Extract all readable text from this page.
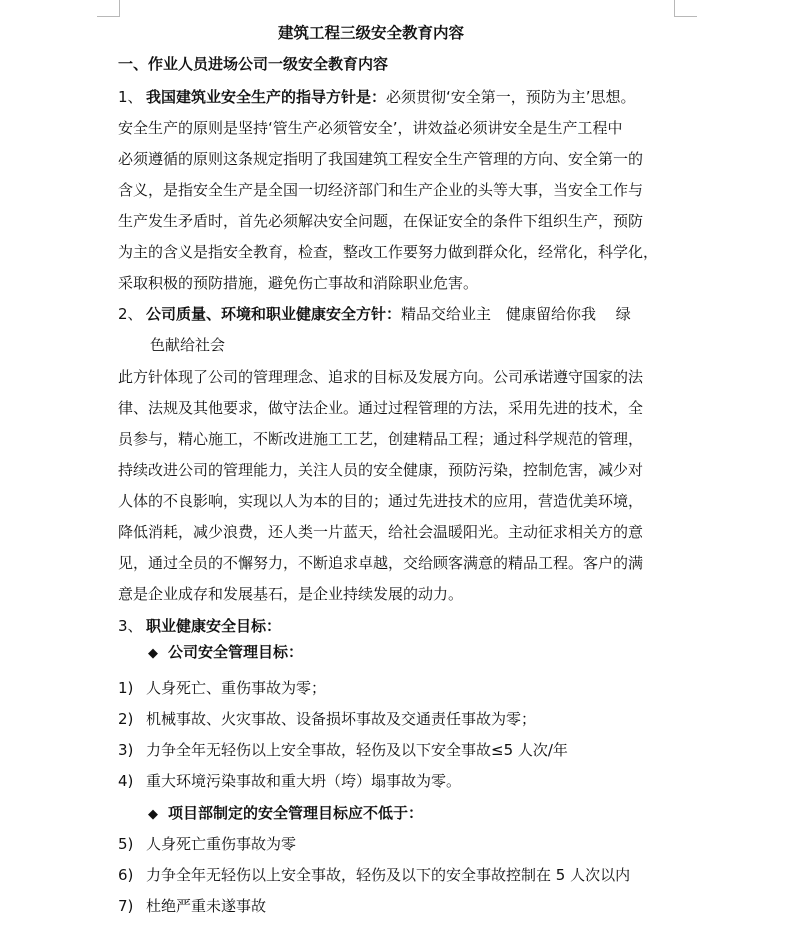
建筑工程三级安全教育内容
一、作业人员进场公司一级安全教育内容
1、 我国建筑业安全生产的指导方针是：必须贯彻‘安全第一，预防为主’思想。
安全生产的原则是坚持‘管生产必须管安全’，讲效益必须讲安全是生产工程中
必须遵循的原则这条规定指明了我国建筑工程安全生产管理的方向、安全第一的
含义，是指安全生产是全国一切经济部门和生产企业的头等大事，当安全工作与
生产发生矛盾时，首先必须解决安全问题，在保证安全的条件下组织生产，预防
为主的含义是指安全教育，检查，整改工作要努力做到群众化，经常化，科学化，
采取积极的预防措施，避免伤亡事故和消除职业危害。
2、 公司质量、环境和职业健康安全方针：精品交给业主　健康留给你我　 绿
色献给社会
此方针体现了公司的管理理念、追求的目标及发展方向。公司承诺遵守国家的法
律、法规及其他要求，做守法企业。通过过程管理的方法，采用先进的技术，全
员参与，精心施工，不断改进施工工艺，创建精品工程；通过科学规范的管理，
持续改进公司的管理能力，关注人员的安全健康，预防污染，控制危害，减少对
人体的不良影响，实现以人为本的目的；通过先进技术的应用，营造优美环境，
降低消耗，减少浪费，还人类一片蓝天，给社会温暖阳光。主动征求相关方的意
见，通过全员的不懈努力，不断追求卓越，交给顾客满意的精品工程。客户的满
意是企业成存和发展基石，是企业持续发展的动力。
3、 职业健康安全目标：
◆ 公司安全管理目标：
1) 人身死亡、重伤事故为零；
2) 机械事故、火灾事故、设备损坏事故及交通责任事故为零；
3) 力争全年无轻伤以上安全事故，轻伤及以下安全事故≤5 人次/年
4) 重大环境污染事故和重大坍（垮）塌事故为零。
◆ 项目部制定的安全管理目标应不低于：
5) 人身死亡重伤事故为零
6) 力争全年无轻伤以上安全事故，轻伤及以下的安全事故控制在 5 人次以内
7) 杜绝严重未遂事故
